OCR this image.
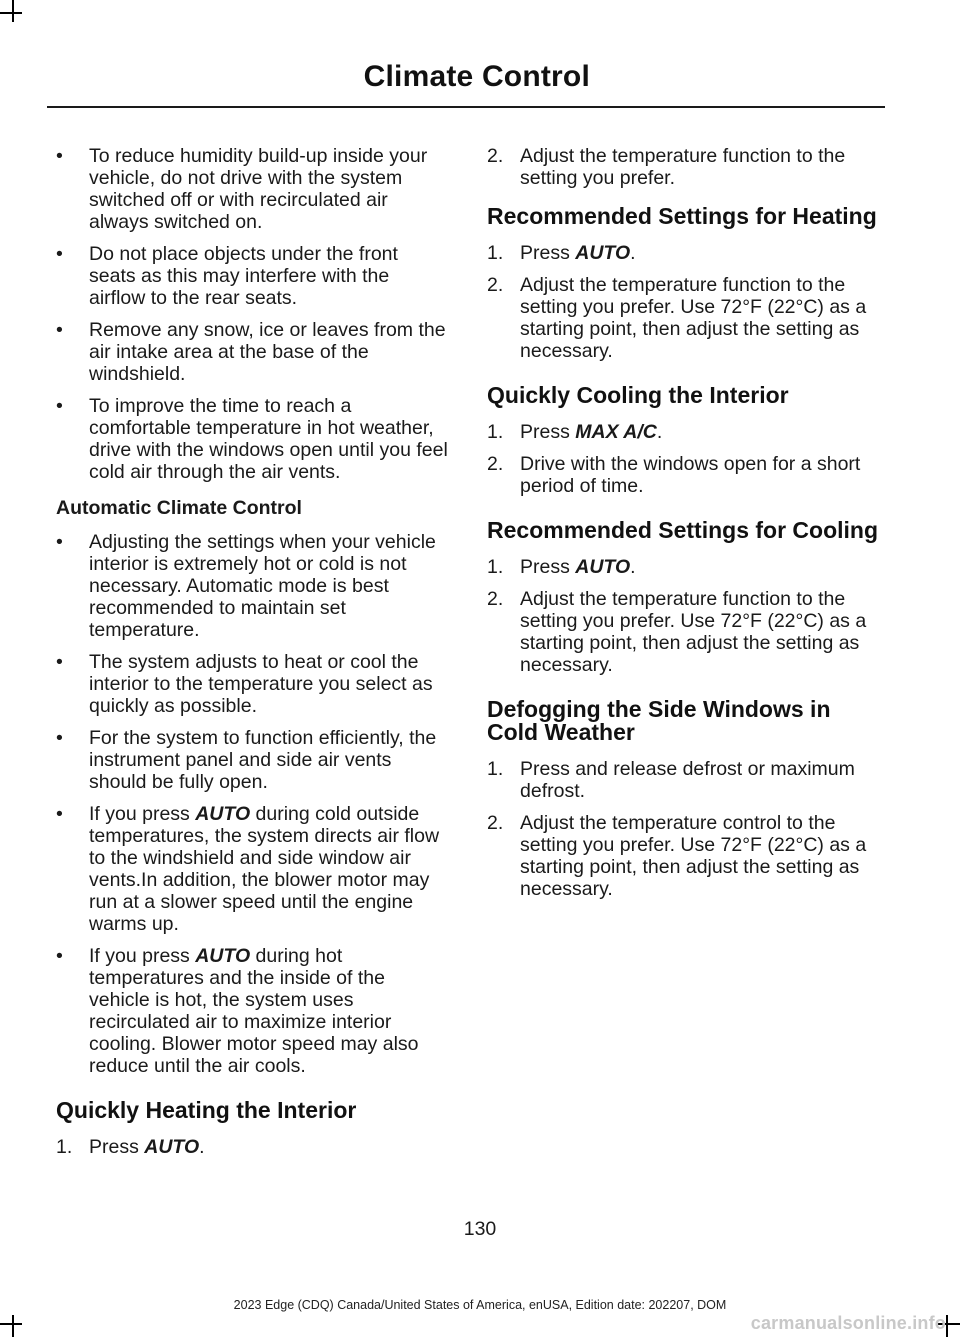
Climate Control
•	To reduce humidity build-up inside your vehicle, do not drive with the system switched off or with recirculated air always switched on.
•	Do not place objects under the front seats as this may interfere with the airflow to the rear seats.
•	Remove any snow, ice or leaves from the air intake area at the base of the windshield.
•	To improve the time to reach a comfortable temperature in hot weather, drive with the windows open until you feel cold air through the air vents.
Automatic Climate Control
•	Adjusting the settings when your vehicle interior is extremely hot or cold is not necessary. Automatic mode is best recommended to maintain set temperature.
•	The system adjusts to heat or cool the interior to the temperature you select as quickly as possible.
•	For the system to function efficiently, the instrument panel and side air vents should be fully open.
•	If you press AUTO during cold outside temperatures, the system directs air flow to the windshield and side window air vents.In addition, the blower motor may run at a slower speed until the engine warms up.
•	If you press AUTO during hot temperatures and the inside of the vehicle is hot, the system uses recirculated air to maximize interior cooling. Blower motor speed may also reduce until the air cools.
Quickly Heating the Interior
1. Press AUTO.
2. Adjust the temperature function to the setting you prefer.
Recommended Settings for Heating
1. Press AUTO.
2. Adjust the temperature function to the setting you prefer. Use 72°F (22°C) as a starting point, then adjust the setting as necessary.
Quickly Cooling the Interior
1. Press MAX A/C.
2. Drive with the windows open for a short period of time.
Recommended Settings for Cooling
1. Press AUTO.
2. Adjust the temperature function to the setting you prefer. Use 72°F (22°C) as a starting point, then adjust the setting as necessary.
Defogging the Side Windows in Cold Weather
1. Press and release defrost or maximum defrost.
2. Adjust the temperature control to the setting you prefer. Use 72°F (22°C) as a starting point, then adjust the setting as necessary.
130
2023 Edge (CDQ) Canada/United States of America, enUSA, Edition date: 202207, DOM
carmanualsonline.info
